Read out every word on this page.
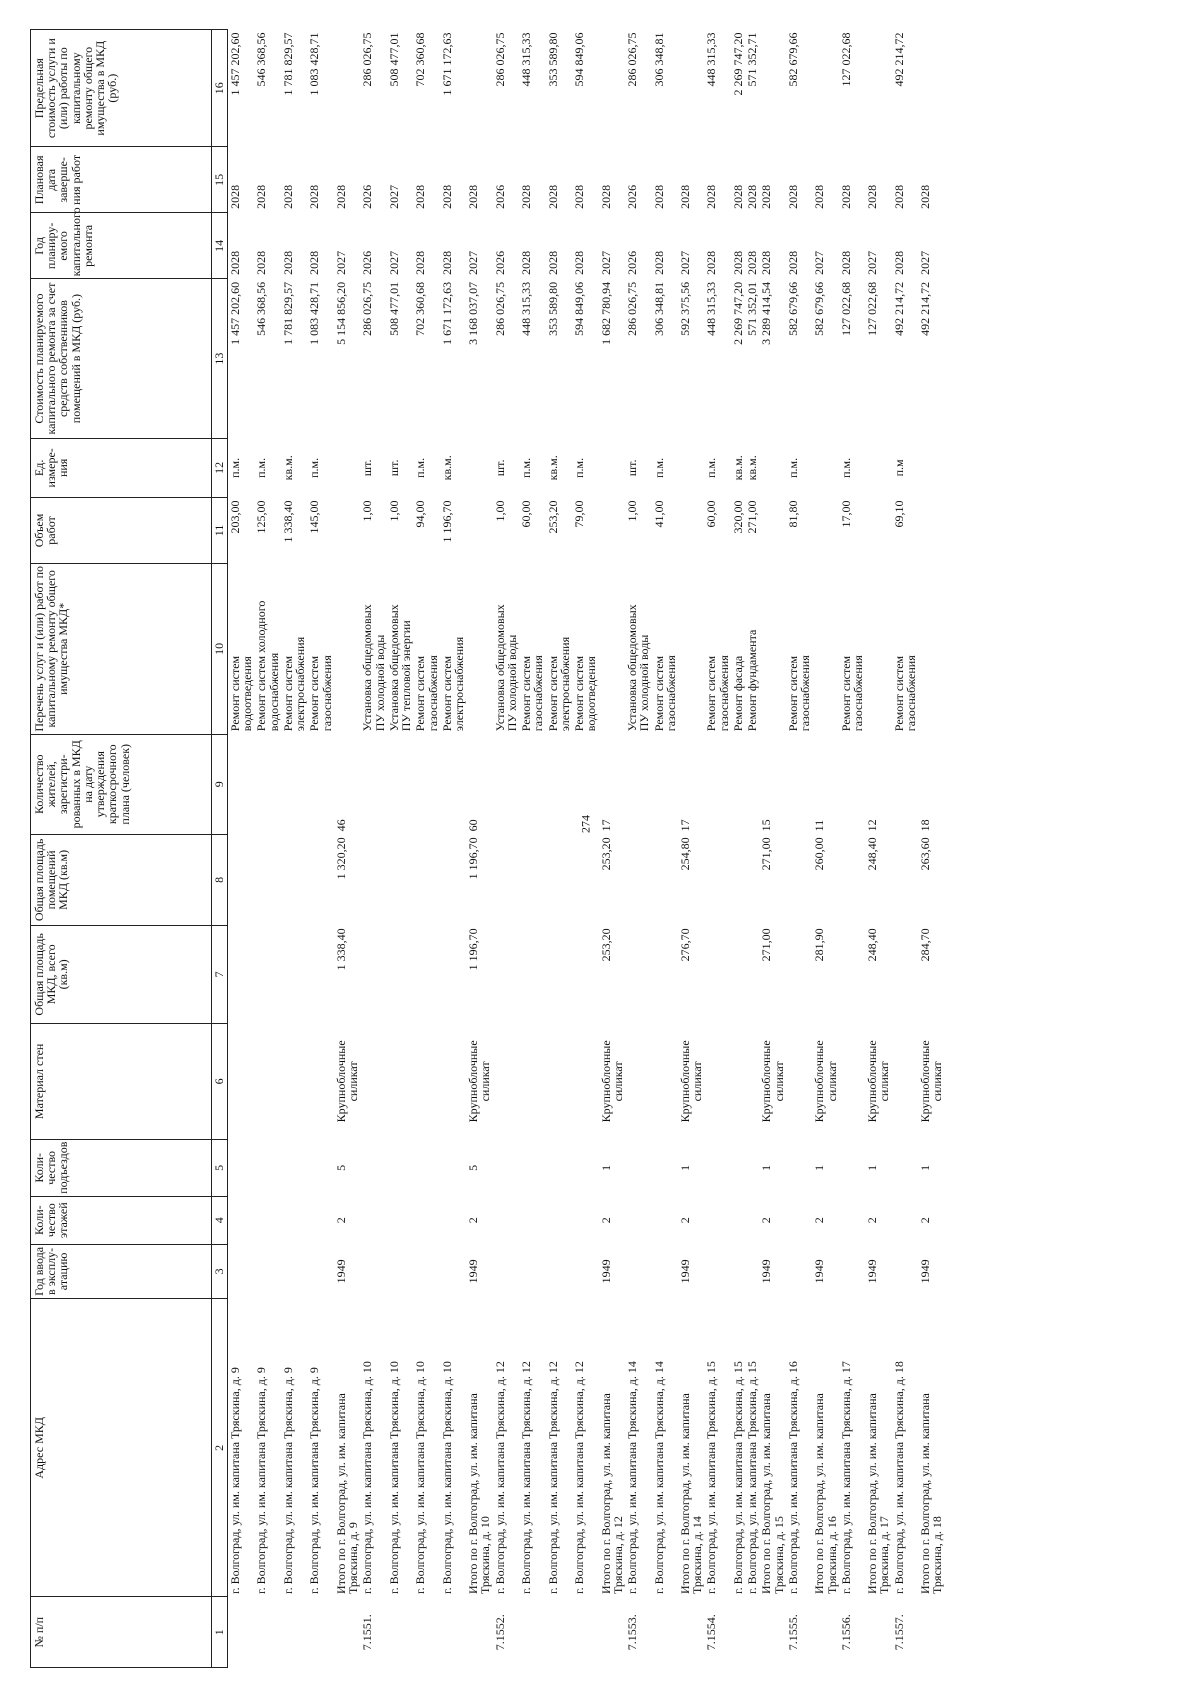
274
№ п/п	Адрес МКД	Год ввода в эксплу-атацию	Коли-чество этажей	Коли-чество подъездов	Материал стен	Общая площадь МКД, всего (кв.м)	Общая площадь помещений МКД (кв.м)	Количество жителей, зарегистри-рованных в МКД на дату утверждения краткосрочного плана (человек)	Перечень услуг и (или) работ по капитальному ремонту общего имущества МКД*	Объем работ	Ед. измере-ния	Стоимость планируемого капитального ремонта за счет средств собственников помещений в МКД (руб.)	Год планиру-емого капитального ремонта	Плановая дата заверше-ния работ	Предельная стоимость услуги и (или) работы по капитальному ремонту общего имущества в МКД (руб.)
1	2	3	4	5	6	7	8	9	10	11	12	13	14	15	16

	г. Волгоград, ул. им. капитана Тряскина, д. 9								Ремонт систем
водоотведения	203,00	п.м.	1 457 202,60	2028	2028	1 457 202,60

	г. Волгоград, ул. им. капитана Тряскина, д. 9								Ремонт систем холодного
водоснабжения	125,00	п.м.	546 368,56	2028	2028	546 368,56

	г. Волгоград, ул. им. капитана Тряскина, д. 9								Ремонт систем
электроснабжения	1 338,40	кв.м.	1 781 829,57	2028	2028	1 781 829,57

	г. Волгоград, ул. им. капитана Тряскина, д. 9								Ремонт систем
газоснабжения	145,00	п.м.	1 083 428,71	2028	2028	1 083 428,71

	Итого по г. Волгоград, ул. им. капитана
Тряскина, д. 9	1949	2	5	Крупноблочные
силикат	1 338,40	1 320,20	46				5 154 856,20	2027	2028	
7.1551.	г. Волгоград, ул. им. капитана Тряскина, д. 10								Установка общедомовых
ПУ холодной воды	1,00	шт.	286 026,75	2026	2026	286 026,75

	г. Волгоград, ул. им. капитана Тряскина, д. 10								Установка общедомовых
ПУ тепловой энергии	1,00	шт.	508 477,01	2027	2027	508 477,01

	г. Волгоград, ул. им. капитана Тряскина, д. 10								Ремонт систем
газоснабжения	94,00	п.м.	702 360,68	2028	2028	702 360,68

	г. Волгоград, ул. им. капитана Тряскина, д. 10								Ремонт систем
электроснабжения	1 196,70	кв.м.	1 671 172,63	2028	2028	1 671 172,63

	Итого по г. Волгоград, ул. им. капитана
Тряскина, д. 10	1949	2	5	Крупноблочные
силикат	1 196,70	1 196,70	60				3 168 037,07	2027	2028	
7.1552.	г. Волгоград, ул. им. капитана Тряскина, д. 12								Установка общедомовых
ПУ холодной воды	1,00	шт.	286 026,75	2026	2026	286 026,75

	г. Волгоград, ул. им. капитана Тряскина, д. 12								Ремонт систем
газоснабжения	60,00	п.м.	448 315,33	2028	2028	448 315,33

	г. Волгоград, ул. им. капитана Тряскина, д. 12								Ремонт систем
электроснабжения	253,20	кв.м.	353 589,80	2028	2028	353 589,80

	г. Волгоград, ул. им. капитана Тряскина, д. 12								Ремонт систем
водоотведения	79,00	п.м.	594 849,06	2028	2028	594 849,06

	Итого по г. Волгоград, ул. им. капитана
Тряскина, д. 12	1949	2	1	Крупноблочные
силикат	253,20	253,20	17				1 682 780,94	2027	2028	
7.1553.	г. Волгоград, ул. им. капитана Тряскина, д. 14								Установка общедомовых
ПУ холодной воды	1,00	шт.	286 026,75	2026	2026	286 026,75

	г. Волгоград, ул. им. капитана Тряскина, д. 14								Ремонт систем
газоснабжения	41,00	п.м.	306 348,81	2028	2028	306 348,81

	Итого по г. Волгоград, ул. им. капитана
Тряскина, д. 14	1949	2	1	Крупноблочные
силикат	276,70	254,80	17				592 375,56	2027	2028	
7.1554.	г. Волгоград, ул. им. капитана Тряскина, д. 15								Ремонт систем
газоснабжения	60,00	п.м.	448 315,33	2028	2028	448 315,33

	г. Волгоград, ул. им. капитана Тряскина, д. 15								Ремонт фасада	320,00	кв.м.	2 269 747,20	2028	2028	2 269 747,20

	г. Волгоград, ул. им. капитана Тряскина, д. 15								Ремонт фундамента	271,00	кв.м.	571 352,01	2028	2028	571 352,71

	Итого по г. Волгоград, ул. им. капитана
Тряскина, д. 15	1949	2	1	Крупноблочные
силикат	271,00	271,00	15				3 289 414,54	2028	2028	
7.1555.	г. Волгоград, ул. им. капитана Тряскина, д. 16								Ремонт систем
газоснабжения	81,80	п.м.	582 679,66	2028	2028	582 679,66

	Итого по г. Волгоград, ул. им. капитана
Тряскина, д. 16	1949	2	1	Крупноблочные
силикат	281,90	260,00	11				582 679,66	2027	2028	
7.1556.	г. Волгоград, ул. им. капитана Тряскина, д. 17								Ремонт систем
газоснабжения	17,00	п.м.	127 022,68	2028	2028	127 022,68

	Итого по г. Волгоград, ул. им. капитана
Тряскина, д. 17	1949	2	1	Крупноблочные
силикат	248,40	248,40	12				127 022,68	2027	2028	
7.1557.	г. Волгоград, ул. им. капитана Тряскина, д. 18								Ремонт систем
газоснабжения	69,10	п.м	492 214,72	2028	2028	492 214,72

	Итого по г. Волгоград, ул. им. капитана
Тряскина, д. 18	1949	2	1	Крупноблочные
силикат	284,70	263,60	18				492 214,72	2027	2028	
